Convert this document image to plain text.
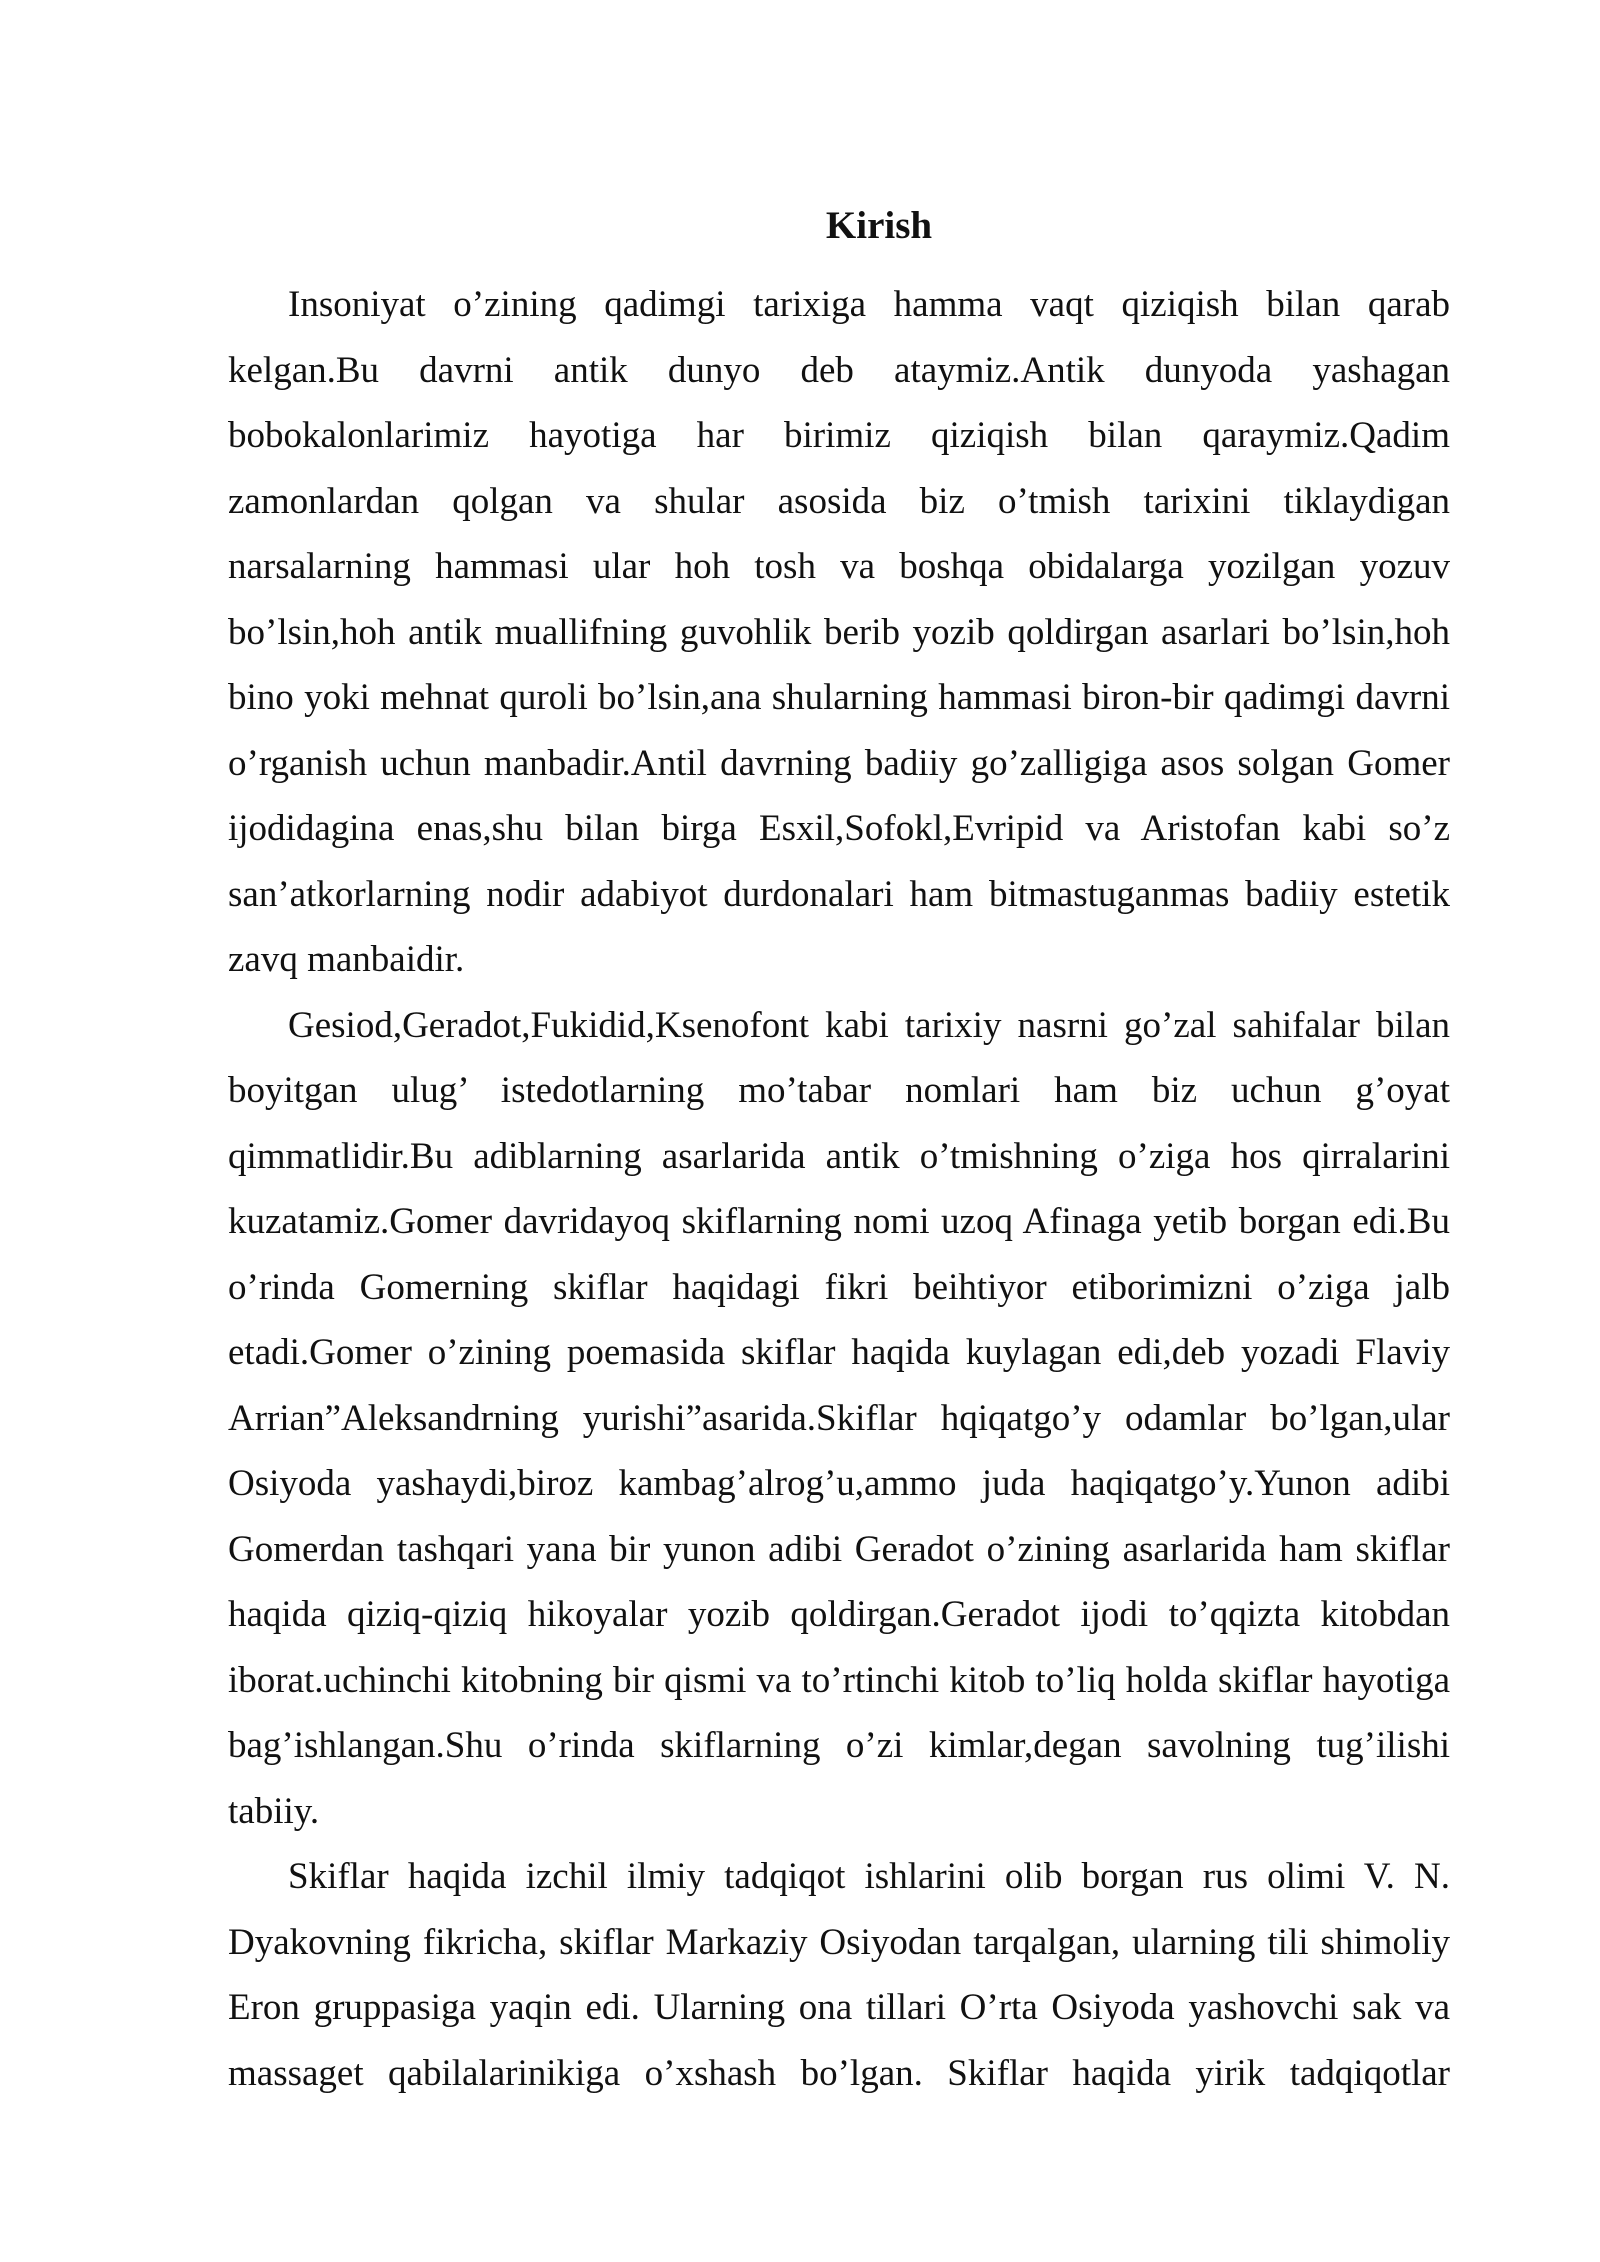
Kirish

Insoniyat o’zining qadimgi tarixiga hamma vaqt qiziqish bilan qarab kelgan.Bu davrni antik dunyo deb ataymiz.Antik dunyoda yashagan bobokalonlarimiz hayotiga har birimiz qiziqish bilan qaraymiz.Qadim zamonlardan qolgan va shular asosida biz o’tmish tarixini tiklaydigan narsalarning hammasi ular hoh tosh va boshqa obidalarga yozilgan yozuv bo’lsin,hoh antik muallifning guvohlik berib yozib qoldirgan asarlari bo’lsin,hoh bino yoki mehnat quroli bo’lsin,ana shularning hammasi biron-bir qadimgi davrni o’rganish uchun manbadir.Antil davrning badiiy go’zalligiga asos solgan Gomer ijodidagina enas,shu bilan birga Esxil,Sofokl,Evripid va Aristofan kabi so’z san’atkorlarning nodir adabiyot durdonalari ham bitmastuganmas badiiy estetik zavq manbaidir.

Gesiod,Geradot,Fukidid,Ksenofont kabi tarixiy nasrni go’zal sahifalar bilan boyitgan ulug’ istedotlarning mo’tabar nomlari ham biz uchun g’oyat qimmatlidir.Bu adiblarning asarlarida antik o’tmishning o’ziga hos qirralarini kuzatamiz.Gomer davridayoq skiflarning nomi uzoq Afinaga yetib borgan edi.Bu o’rinda Gomerning skiflar haqidagi fikri beihtiyor etiborimizni o’ziga jalb etadi.Gomer o’zining poemasida skiflar haqida kuylagan edi,deb yozadi Flaviy Arrian”Aleksandrning yurishi”asarida.Skiflar hqiqatgo’y odamlar bo’lgan,ular Osiyoda yashaydi,biroz kambag’alrog’u,ammo juda haqiqatgo’y.Yunon adibi Gomerdan tashqari yana bir yunon adibi Geradot o’zining asarlarida ham skiflar haqida qiziq-qiziq hikoyalar yozib qoldirgan.Geradot ijodi to’qqizta kitobdan iborat.uchinchi kitobning bir qismi va to’rtinchi kitob to’liq holda skiflar hayotiga bag’ishlangan.Shu o’rinda skiflarning o’zi kimlar,degan savolning tug’ilishi tabiiy.

Skiflar haqida izchil ilmiy tadqiqot ishlarini olib borgan rus olimi V. N. Dyakovning fikricha, skiflar Markaziy Osiyodan tarqalgan, ularning tili shimoliy Eron gruppasiga yaqin edi. Ularning ona tillari O’rta Osiyoda yashovchi sak va massaget qabilalarinikiga o’xshash bo’lgan. Skiflar haqida yirik tadqiqotlar
